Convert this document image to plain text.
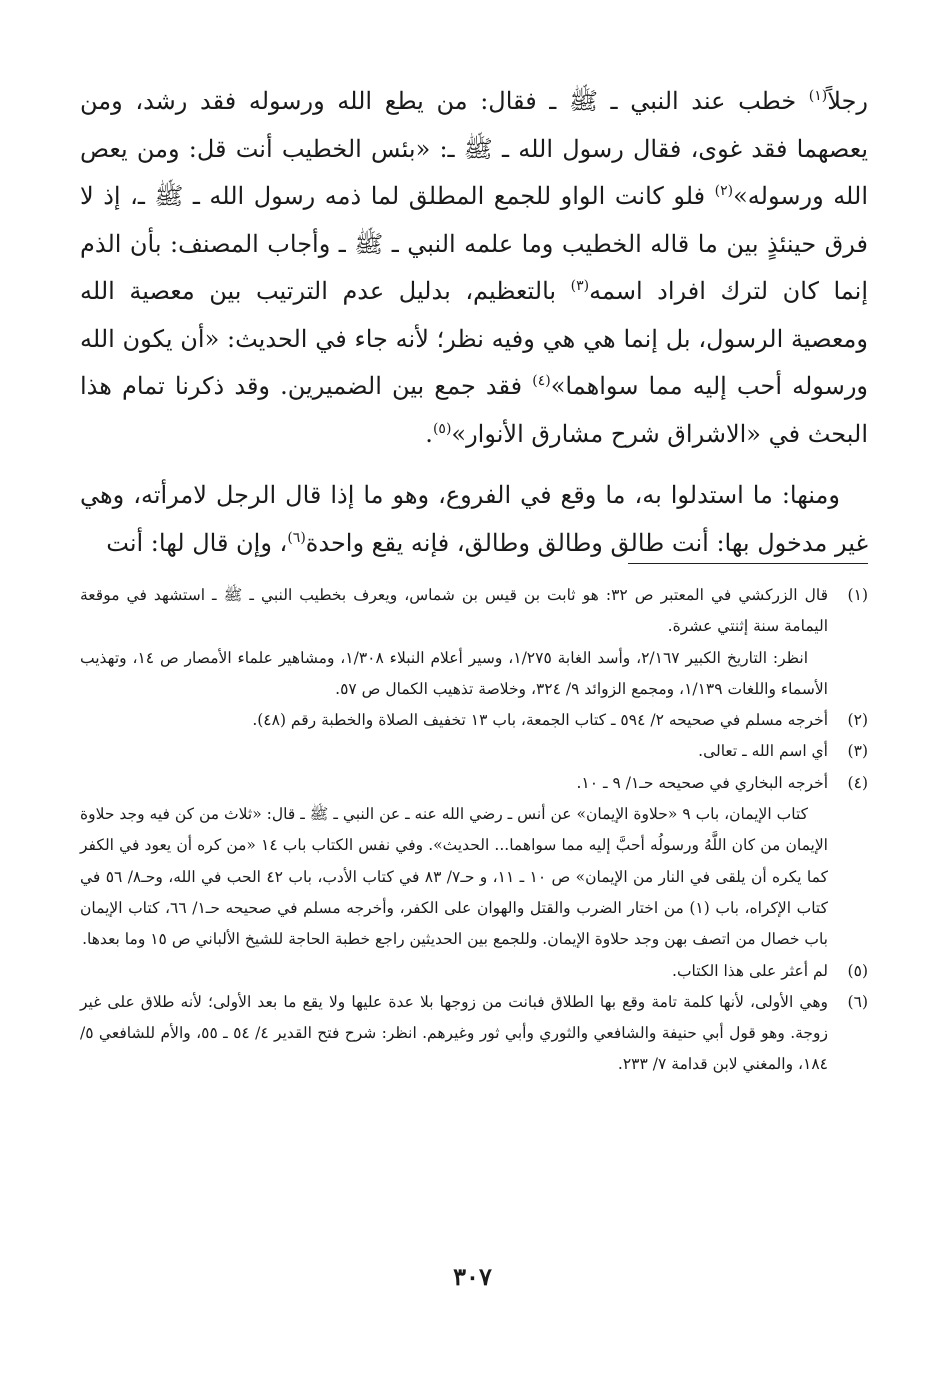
رجلاً$^{(١)}$ خطب عند النبي ـ ﷺ ـ فقال: من يطع الله ورسوله فقد رشد، ومن يعصهما فقد غوى، فقال رسول الله ـ ﷺ ـ: «بئس الخطيب أنت قل: ومن يعص الله ورسوله»$^{(٢)}$ فلو كانت الواو للجمع المطلق لما ذمه رسول الله ـ ﷺ ـ، إذ لا فرق حينئذٍ بين ما قاله الخطيب وما علمه النبي ـ ﷺ ـ وأجاب المصنف: بأن الذم إنما كان لترك افراد اسمه$^{(٣)}$ بالتعظيم، بدليل عدم الترتيب بين معصية الله ومعصية الرسول، بل إنما هي هي وفيه نظر؛ لأنه جاء في الحديث: «أن يكون الله ورسوله أحب إليه مما سواهما»$^{(٤)}$ فقد جمع بين الضميرين. وقد ذكرنا تمام هذا البحث في «الاشراق شرح مشارق الأنوار»$^{(٥)}$.

ومنها: ما استدلوا به، ما وقع في الفروع، وهو ما إذا قال الرجل لامرأته، وهي غير مدخول بها: أنت طالق وطالق وطالق، فإنه يقع واحدة$^{(٦)}$، وإن قال لها: أنت

(١)
قال الزركشي في المعتبر ص ٣٢: هو ثابت بن قيس بن شماس، ويعرف بخطيب النبي ـ ﷺ ـ استشهد في موقعة اليمامة سنة إثنتي عشرة.
انظر: التاريخ الكبير ٢/١٦٧، وأسد الغابة ١/٢٧٥، وسير أعلام النبلاء ١/٣٠٨، ومشاهير علماء الأمصار ص ١٤، وتهذيب الأسماء واللغات ١/١٣٩، ومجمع الزوائد ٩/ ٣٢٤، وخلاصة تذهيب الكمال ص ٥٧.
(٢)
أخرجه مسلم في صحيحه ٢/ ٥٩٤ ـ كتاب الجمعة، باب ١٣ تخفيف الصلاة والخطبة رقم (٤٨).
(٣)
أي اسم الله ـ تعالى.
(٤)
أخرجه البخاري في صحيحه حـ١/ ٩ ـ ١٠.
كتاب الإيمان، باب ٩ «حلاوة الإيمان» عن أنس ـ رضي الله عنه ـ عن النبي ـ ﷺ ـ قال: «ثلاث من كن فيه وجد حلاوة الإيمان من كان اللَّهُ ورسولُه أحبَّ إليه مما سواهما... الحديث». وفي نفس الكتاب باب ١٤ «من كره أن يعود في الكفر كما يكره أن يلقى في النار من الإيمان» ص ١٠ ـ ١١، و حـ٧/ ٨٣ في كتاب الأدب، باب ٤٢ الحب في الله، وحـ٨/ ٥٦ في كتاب الإكراه، باب (١) من اختار الضرب والقتل والهوان على الكفر، وأخرجه مسلم في صحيحه حـ١/ ٦٦، كتاب الإيمان باب خصال من اتصف بهن وجد حلاوة الإيمان. وللجمع بين الحديثين راجع خطبة الحاجة للشيخ الألباني ص ١٥ وما بعدها.
(٥)
لم أعثر على هذا الكتاب.
(٦)
وهي الأولى، لأنها كلمة تامة وقع بها الطلاق فبانت من زوجها بلا عدة عليها ولا يقع ما بعد الأولى؛ لأنه طلاق على غير زوجة. وهو قول أبي حنيفة والشافعي والثوري وأبي ثور وغيرهم. انظر: شرح فتح القدير ٤/ ٥٤ ـ ٥٥، والأم للشافعي ٥/ ١٨٤، والمغني لابن قدامة ٧/ ٢٣٣.
٣٠٧
